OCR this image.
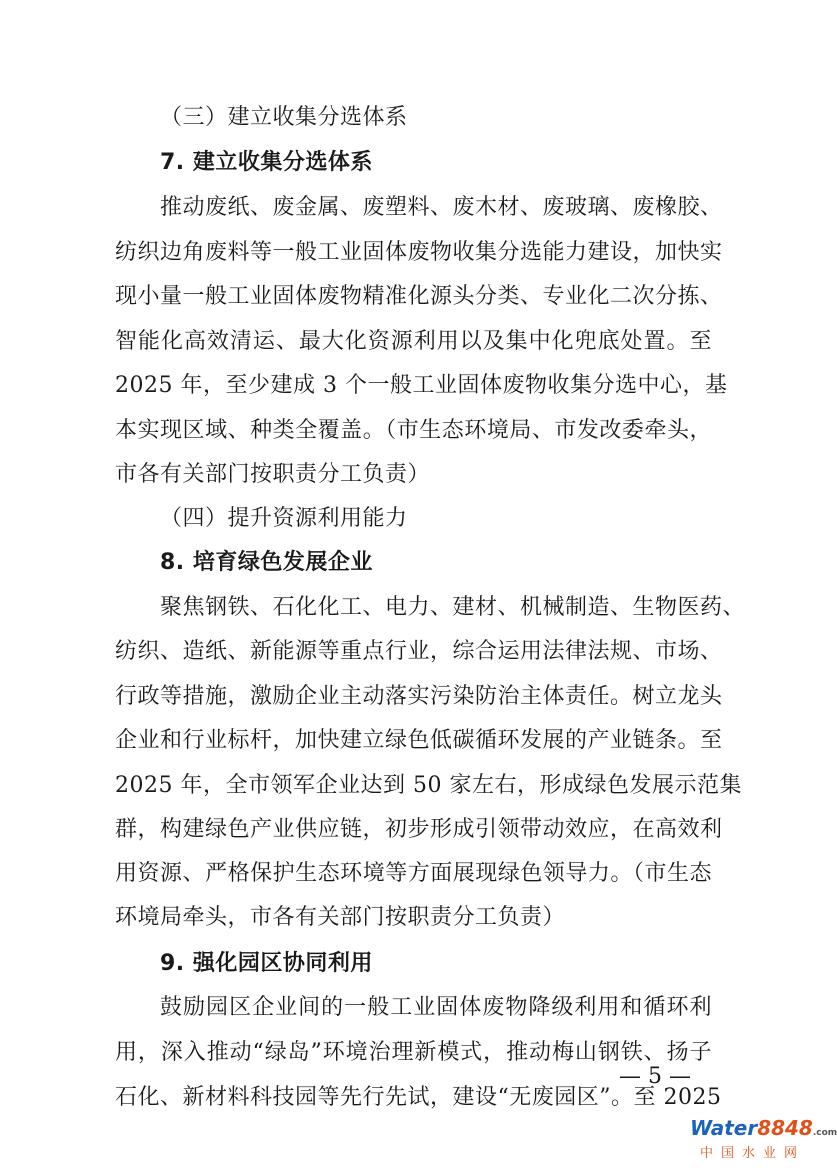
（三）建立收集分选体系
7. 建立收集分选体系
推动废纸、废金属、废塑料、废木材、废玻璃、废橡胶、
纺织边角废料等一般工业固体废物收集分选能力建设，加快实
现小量一般工业固体废物精准化源头分类、专业化二次分拣、
智能化高效清运、最大化资源利用以及集中化兜底处置。至
2025 年，至少建成 3 个一般工业固体废物收集分选中心，基
本实现区域、种类全覆盖。（市生态环境局、市发改委牵头，
市各有关部门按职责分工负责）
（四）提升资源利用能力
8. 培育绿色发展企业
聚焦钢铁、石化化工、电力、建材、机械制造、生物医药、
纺织、造纸、新能源等重点行业，综合运用法律法规、市场、
行政等措施，激励企业主动落实污染防治主体责任。树立龙头
企业和行业标杆，加快建立绿色低碳循环发展的产业链条。至
2025 年，全市领军企业达到 50 家左右，形成绿色发展示范集
群，构建绿色产业供应链，初步形成引领带动效应，在高效利
用资源、严格保护生态环境等方面展现绿色领导力。（市生态
环境局牵头，市各有关部门按职责分工负责）
9. 强化园区协同利用
鼓励园区企业间的一般工业固体废物降级利用和循环利
用，深入推动“绿岛”环境治理新模式，推动梅山钢铁、扬子
石化、新材料科技园等先行先试，建设“无废园区”。至 2025
— 5 —
Water8848.com
中国水业网
